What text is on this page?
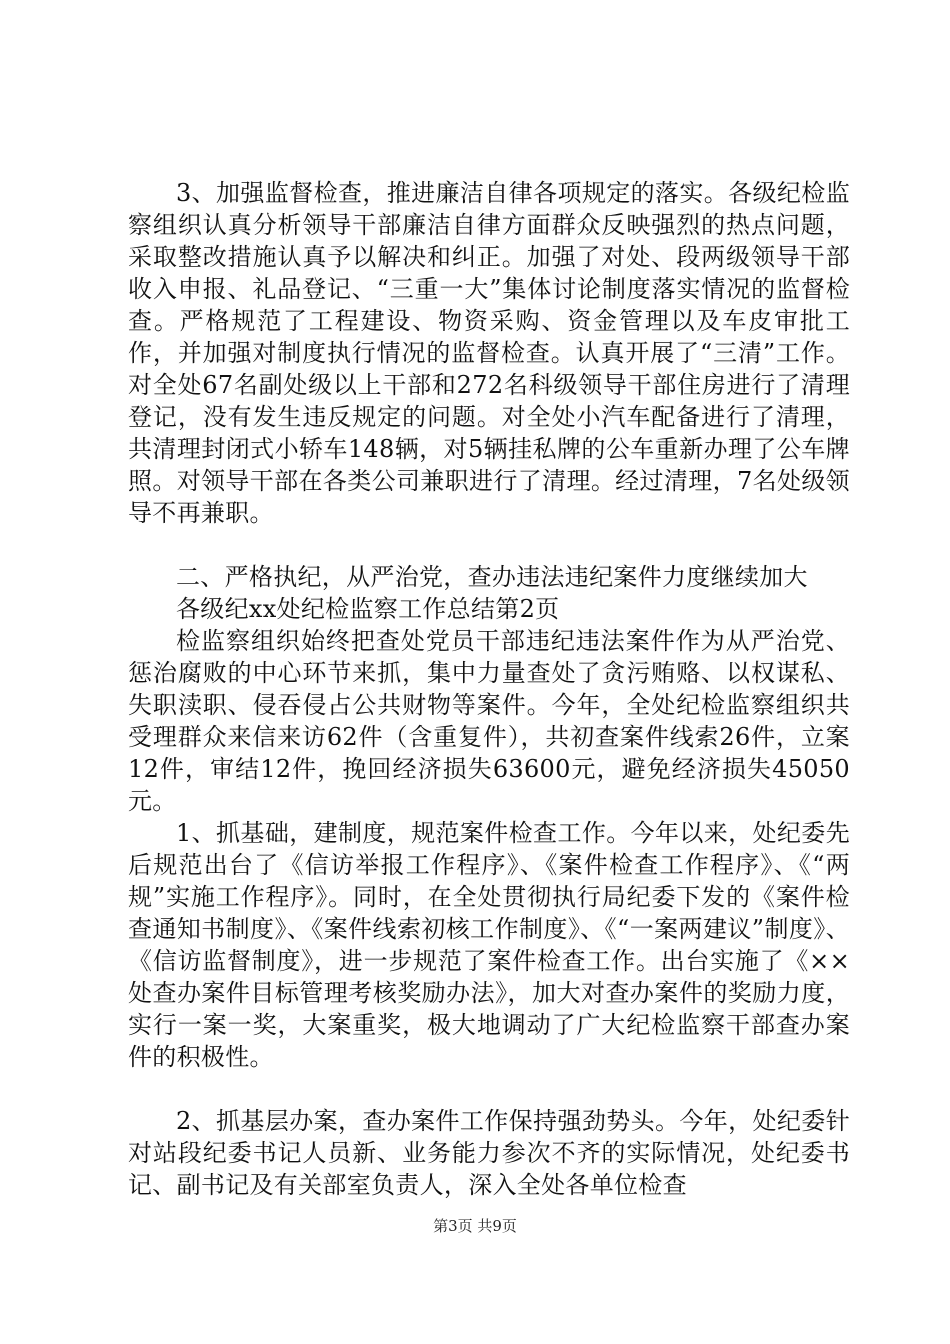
3、加强监督检查，推进廉洁自律各项规定的落实。各级纪检监察组织认真分析领导干部廉洁自律方面群众反映强烈的热点问题，采取整改措施认真予以解决和纠正。加强了对处、段两级领导干部收入申报、礼品登记、“三重一大”集体讨论制度落实情况的监督检查。严格规范了工程建设、物资采购、资金管理以及车皮审批工作，并加强对制度执行情况的监督检查。认真开展了“三清”工作。对全处67名副处级以上干部和272名科级领导干部住房进行了清理登记，没有发生违反规定的问题。对全处小汽车配备进行了清理，共清理封闭式小轿车148辆，对5辆挂私牌的公车重新办理了公车牌照。对领导干部在各类公司兼职进行了清理。经过清理，7名处级领导不再兼职。

二、严格执纪，从严治党，查办违法违纪案件力度继续加大

各级纪xx处纪检监察工作总结第2页

检监察组织始终把查处党员干部违纪违法案件作为从严治党、惩治腐败的中心环节来抓，集中力量查处了贪污贿赂、以权谋私、失职渎职、侵吞侵占公共财物等案件。今年，全处纪检监察组织共受理群众来信来访62件（含重复件），共初查案件线索26件，立案12件，审结12件，挽回经济损失63600元，避免经济损失45050元。

1、抓基础，建制度，规范案件检查工作。今年以来，处纪委先后规范出台了《信访举报工作程序》、《案件检查工作程序》、《“两规”实施工作程序》。同时，在全处贯彻执行局纪委下发的《案件检查通知书制度》、《案件线索初核工作制度》、《“一案两建议”制度》、《信访监督制度》，进一步规范了案件检查工作。出台实施了《××处查办案件目标管理考核奖励办法》，加大对查办案件的奖励力度，实行一案一奖，大案重奖，极大地调动了广大纪检监察干部查办案件的积极性。

2、抓基层办案，查办案件工作保持强劲势头。今年，处纪委针对站段纪委书记人员新、业务能力参次不齐的实际情况，处纪委书记、副书记及有关部室负责人，深入全处各单位检查

第3页 共9页
